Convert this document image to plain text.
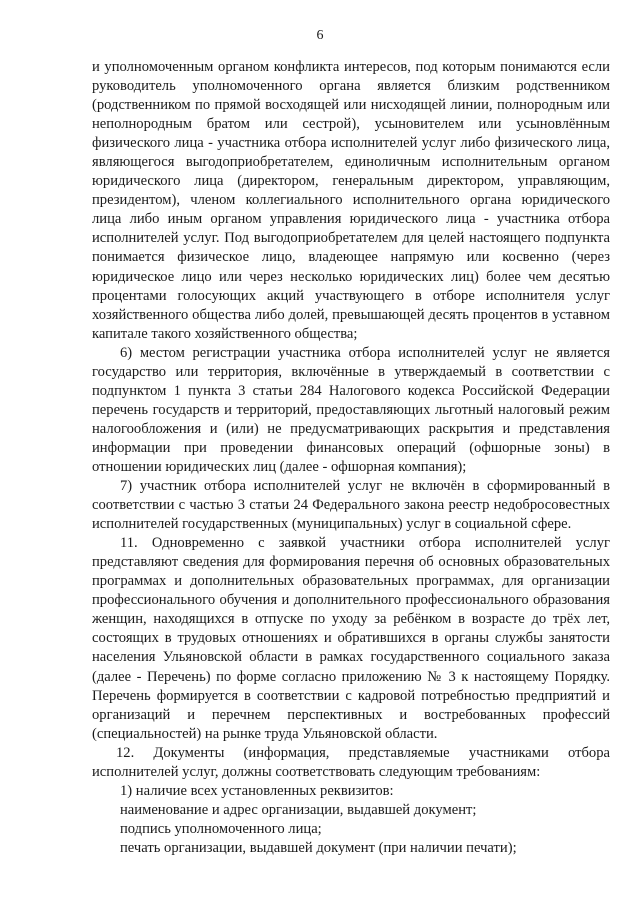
6

и уполномоченным органом конфликта интересов, под которым понимаются если руководитель уполномоченного органа является близким родственником (родственником по прямой восходящей или нисходящей линии, полнородным или неполнородным братом или сестрой), усыновителем или усыновлённым физического лица - участника отбора исполнителей услуг либо физического лица, являющегося выгодоприобретателем, единоличным исполнительным органом юридического лица (директором, генеральным директором, управляющим, президентом), членом коллегиального исполнительного органа юридического лица либо иным органом управления юридического лица - участника отбора исполнителей услуг. Под выгодоприобретателем для целей настоящего подпункта понимается физическое лицо, владеющее напрямую или косвенно (через юридическое лицо или через несколько юридических лиц) более чем десятью процентами голосующих акций участвующего в отборе исполнителя услуг хозяйственного общества либо долей, превышающей десять процентов в уставном капитале такого хозяйственного общества;

6) местом регистрации участника отбора исполнителей услуг не является государство или территория, включённые в утверждаемый в соответствии с подпунктом 1 пункта 3 статьи 284 Налогового кодекса Российской Федерации перечень государств и территорий, предоставляющих льготный налоговый режим налогообложения и (или) не предусматривающих раскрытия и представления информации при проведении финансовых операций (офшорные зоны) в отношении юридических лиц (далее - офшорная компания);

7) участник отбора исполнителей услуг не включён в сформированный в соответствии с частью 3 статьи 24 Федерального закона реестр недобросовестных исполнителей государственных (муниципальных) услуг в социальной сфере.

11. Одновременно с заявкой участники отбора исполнителей услуг представляют сведения для формирования перечня об основных образовательных программах и дополнительных образовательных программах, для организации профессионального обучения и дополнительного профессионального образования женщин, находящихся в отпуске по уходу за ребёнком в возрасте до трёх лет, состоящих в трудовых отношениях и обратившихся в органы службы занятости населения Ульяновской области в рамках государственного социального заказа (далее - Перечень) по форме согласно приложению № 3 к настоящему Порядку. Перечень формируется в соответствии с кадровой потребностью предприятий и организаций и перечнем перспективных и востребованных профессий (специальностей) на рынке труда Ульяновской области.

12. Документы (информация, представляемые участниками отбора исполнителей услуг, должны соответствовать следующим требованиям:

1) наличие всех установленных реквизитов:

наименование и адрес организации, выдавшей документ;

подпись уполномоченного лица;

печать организации, выдавшей документ (при наличии печати);
